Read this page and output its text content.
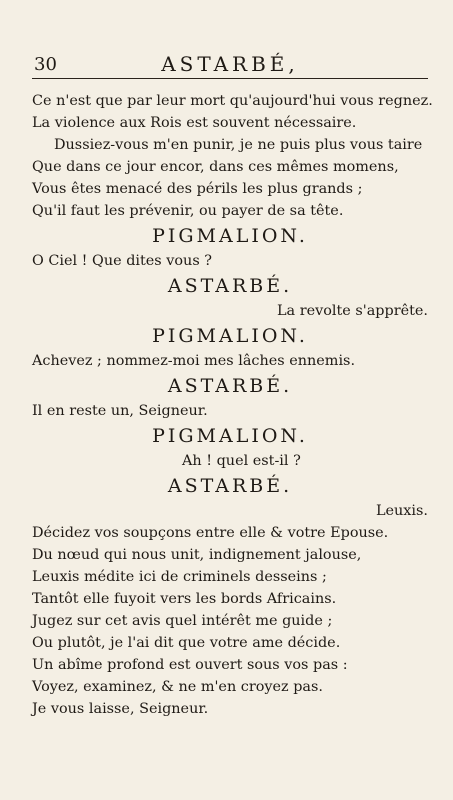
30	ASTARBÉ,
Ce n'est que par leur mort qu'aujourd'hui vous regnez.
La violence aux Rois est souvent nécessaire.
Dussiez-vous m'en punir, je ne puis plus vous taire
Que dans ce jour encor, dans ces mêmes momens,
Vous êtes menacé des périls les plus grands ;
Qu'il faut les prévenir, ou payer de sa tête.
PIGMALION.
O Ciel ! Que dites vous ?
ASTARBÉ.
La revolte s'apprête.
PIGMALION.
Achevez ; nommez-moi mes lâches ennemis.
ASTARBÉ.
Il en reste un, Seigneur.
PIGMALION.
Ah ! quel est-il ?
ASTARBÉ.
Leuxis.
Décidez vos soupçons entre elle & votre Epouse.
Du nœud qui nous unit, indignement jalouse,
Leuxis médite ici de criminels desseins ;
Tantôt elle fuyoit vers les bords Africains.
Jugez sur cet avis quel intérêt me guide ;
Ou plutôt, je l'ai dit que votre ame décide.
Un abîme profond est ouvert sous vos pas :
Voyez, examinez, & ne m'en croyez pas.
Je vous laisse, Seigneur.
